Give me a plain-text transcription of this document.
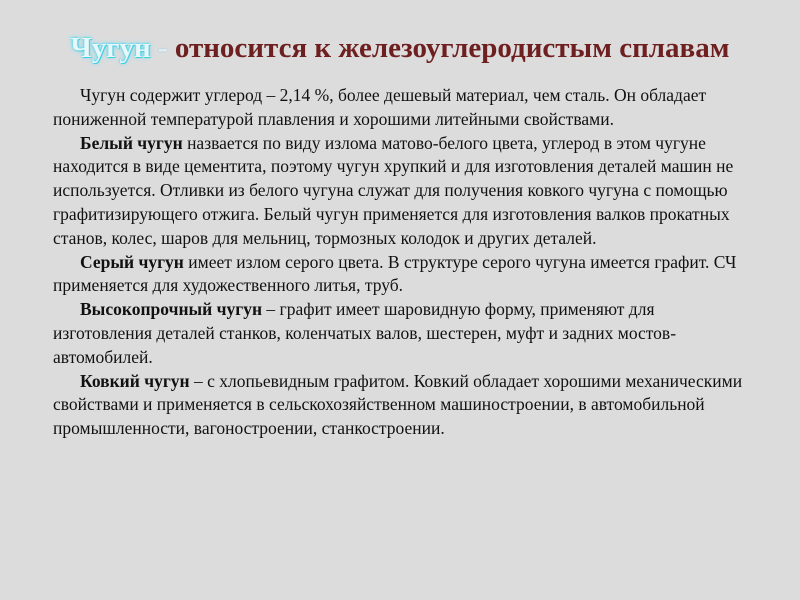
Чугун - относится к железоуглеродистым сплавам

Чугун содержит углерод – 2,14 %, более дешевый материал, чем сталь. Он обладает пониженной температурой плавления и хорошими литейными свойствами.

Белый чугун назвается по виду излома матово-белого цвета, углерод в этом чугуне находится в виде цементита, поэтому чугун хрупкий и для изготовления деталей машин не используется. Отливки из белого чугуна служат для получения ковкого чугуна с помощью графитизирующего отжига. Белый чугун применяется для изготовления валков прокатных станов, колес, шаров для мельниц, тормозных колодок и других деталей.

Серый чугун имеет излом серого цвета. В структуре серого чугуна имеется графит. СЧ применяется для художественного литья, труб.

Высокопрочный чугун – графит имеет шаровидную форму, применяют для изготовления деталей станков, коленчатых валов, шестерен, муфт и задних мостов-автомобилей.

Ковкий чугун – с хлопьевидным графитом. Ковкий обладает хорошими механическими свойствами и применяется в сельскохозяйственном машиностроении, в автомобильной промышленности, вагоностроении, станкостроении.
